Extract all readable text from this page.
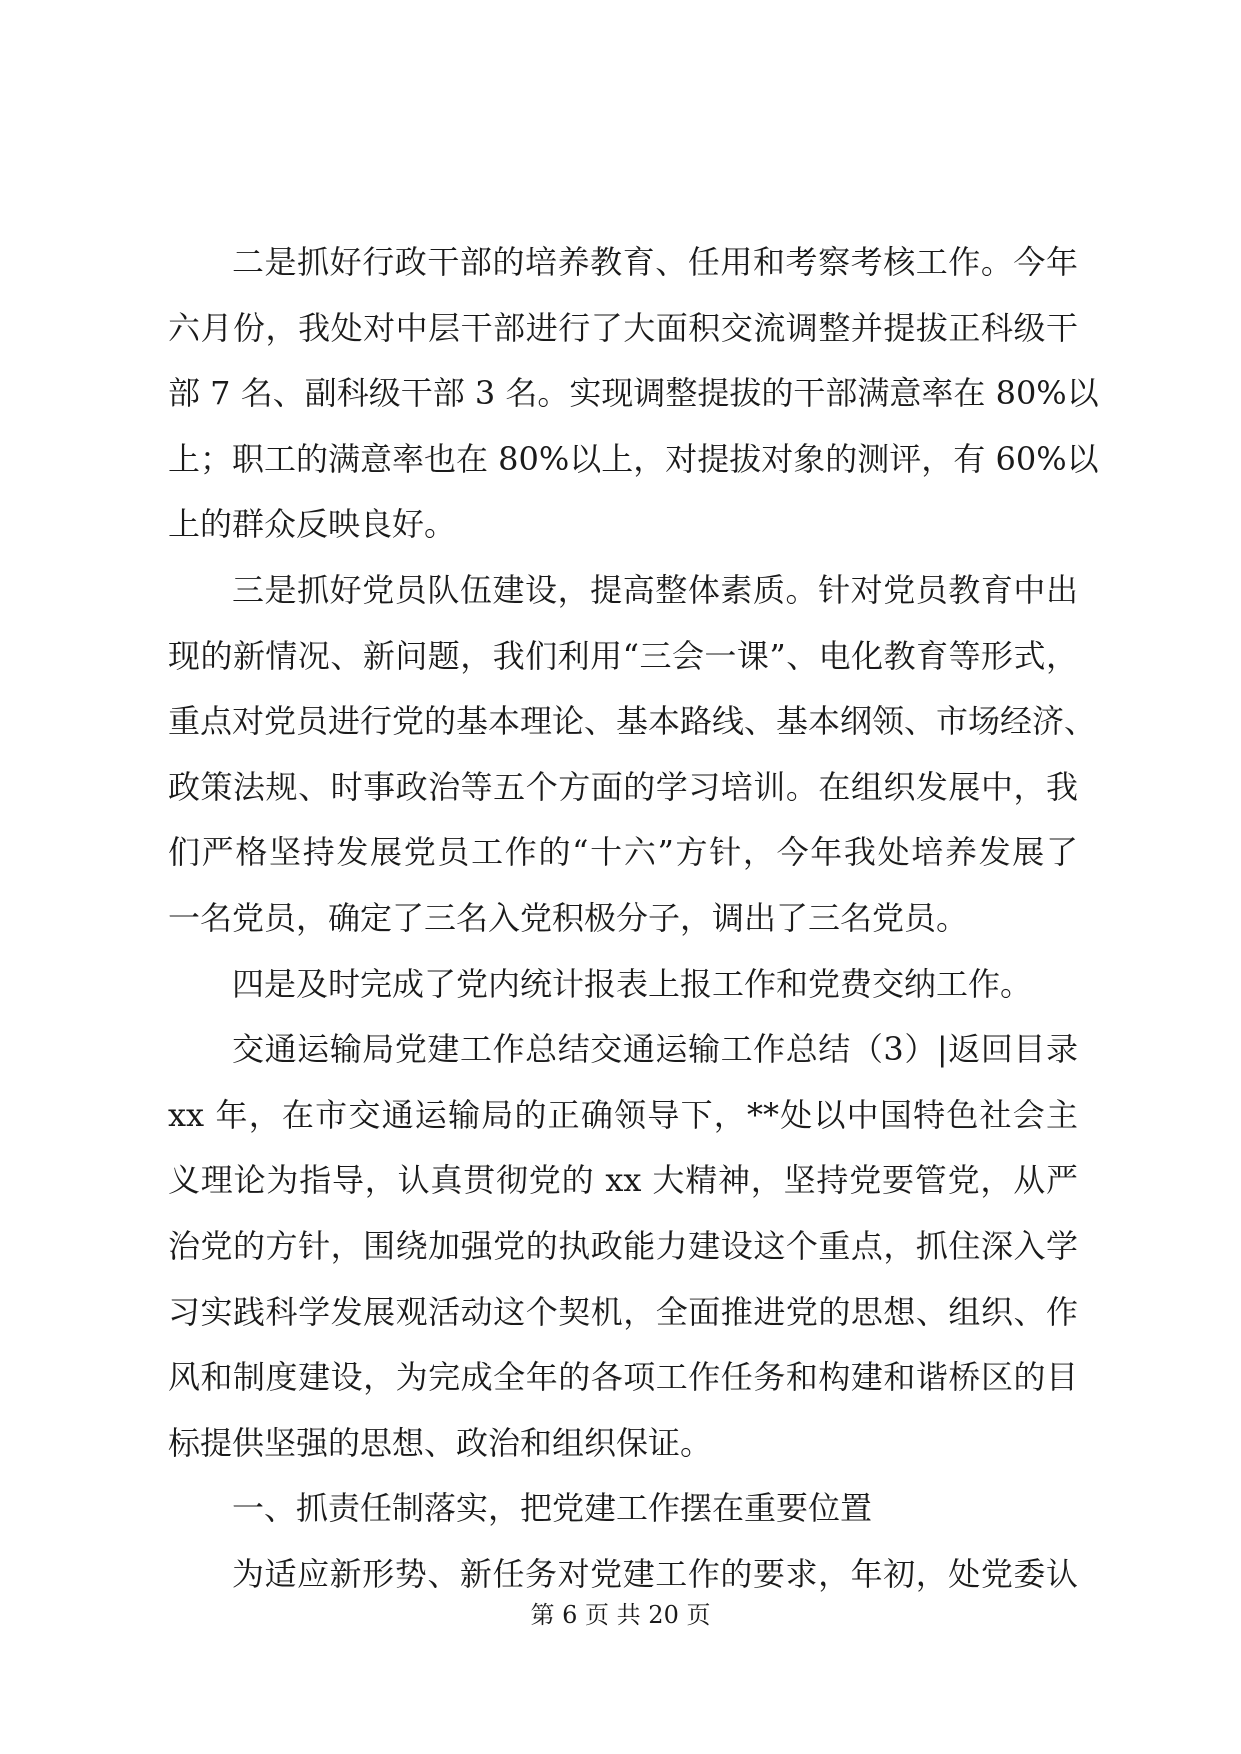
二是抓好行政干部的培养教育、任用和考察考核工作。今年
六月份，我处对中层干部进行了大面积交流调整并提拔正科级干
部 7 名、副科级干部 3 名。实现调整提拔的干部满意率在 80%以
上；职工的满意率也在 80%以上，对提拔对象的测评，有 60%以
上的群众反映良好。
三是抓好党员队伍建设，提高整体素质。针对党员教育中出
现的新情况、新问题，我们利用“三会一课”、电化教育等形式，
重点对党员进行党的基本理论、基本路线、基本纲领、市场经济、
政策法规、时事政治等五个方面的学习培训。在组织发展中，我
们严格坚持发展党员工作的“十六”方针，今年我处培养发展了
一名党员，确定了三名入党积极分子，调出了三名党员。
四是及时完成了党内统计报表上报工作和党费交纳工作。
交通运输局党建工作总结交通运输工作总结（3）|返回目录
xx 年，在市交通运输局的正确领导下，**处以中国特色社会主
义理论为指导，认真贯彻党的 xx 大精神，坚持党要管党，从严
治党的方针，围绕加强党的执政能力建设这个重点，抓住深入学
习实践科学发展观活动这个契机，全面推进党的思想、组织、作
风和制度建设，为完成全年的各项工作任务和构建和谐桥区的目
标提供坚强的思想、政治和组织保证。
一、抓责任制落实，把党建工作摆在重要位置
为适应新形势、新任务对党建工作的要求，年初，处党委认
第 6 页 共 20 页
